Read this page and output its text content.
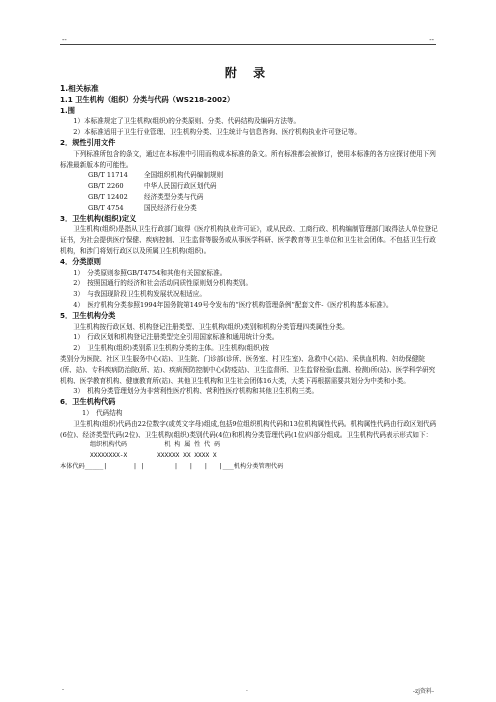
--	--
附 录

1.相关标准

1.1 卫生机构（组织）分类与代码（WS218-2002）

1.围

1）本标准规定了卫生机构(组织)的分类原则、分类、代码结构及编码方法等。

2）本标准适用于卫生行业管理、卫生机构分类、卫生统计与信息咨询、医疗机构执业许可登记等。

2．规性引用文件

下列标准所包含的条文，通过在本标准中引用而构成本标准的条文。所有标准都会被修订，使用本标准的各方应探讨使用下列标准最新版本的可能性。

GB/T 11714 全国组织机构代码编制规则
GB/T 2260	中华人民国行政区划代码
GB/T 12402 经济类型分类与代码
GB/T 4754	国民经济行业分类

3．卫生机构(组织)定义

卫生机构(组织)是指从卫生行政部门取得《医疗机构执业许可证》，或从民政、工商行政、机构编制管理部门取得法人单位登记证书，为社会提供医疗保健、疾病控制、卫生监督等服务或从事医学科研、医学教育等卫生单位和卫生社会团体。不包括卫生行政机构，和涉门将划行政区以及所属卫生机构(组织)。

4．分类原则

1）　分类原则参照GB/T4754和其他有关国家标准。

2）　按照国通行的经济和社会活动同质性原则划分机构类别。

3）　与我国现阶段卫生机构发展状况相适应。

4）　医疗机构分类参照1994年国务院第149号令发布的“医疗机构管理条例”配套文件-《医疗机构基本标准》。

5．卫生机构分类

卫生机构按行政区划、机构登记注册类型、卫生机构(组织)类别和机构分类管理四类属性分类。

1）　行政区划和机构登记注册类型完全引用国家标准和通用统计分类。

2）　卫生机构(组织)类别系卫生机构分类的主体。卫生机构(组织)按

类别分为医院、社区卫生服务中心(站)、卫生院、门诊部(诊所、医务室、村卫生室)、急救中心(站)、采供血机构、妇幼保健院(所、站)、专科疾病防治院(所、站)、疾病预防控制中心(防疫站)、卫生监督所、卫生监督检验(监测、检测)所(站)、医学科学研究机构、医学教育机构、健康教育所(站)、其他卫生机构和卫生社会团体16大类，大类下再根据需要共划分为中类和小类。

3）　机构分类管理划分为非营利性医疗机构、营利性医疗机构和其他卫生机构三类。

6．卫生机构代码

1）　代码结构

卫生机构(组织)代码由22位数字(或英文字母)组成,包括9位组织机构代码和13位机构属性代码。机构属性代码由行政区划代码(6位)、经济类型代码(2位)、卫生机构(组织)类别代码(4位)和机构分类管理代码(1位)四部分组成。卫生机构代码表示形式如下：

组织机构代码          机 构 属 性 代 码

XXXXXXXX-X        XXXXXX XX XXXX X

本体代码_____|       | |        |   |   |   |___机构分类管理代码

-	.	-zj资料-
